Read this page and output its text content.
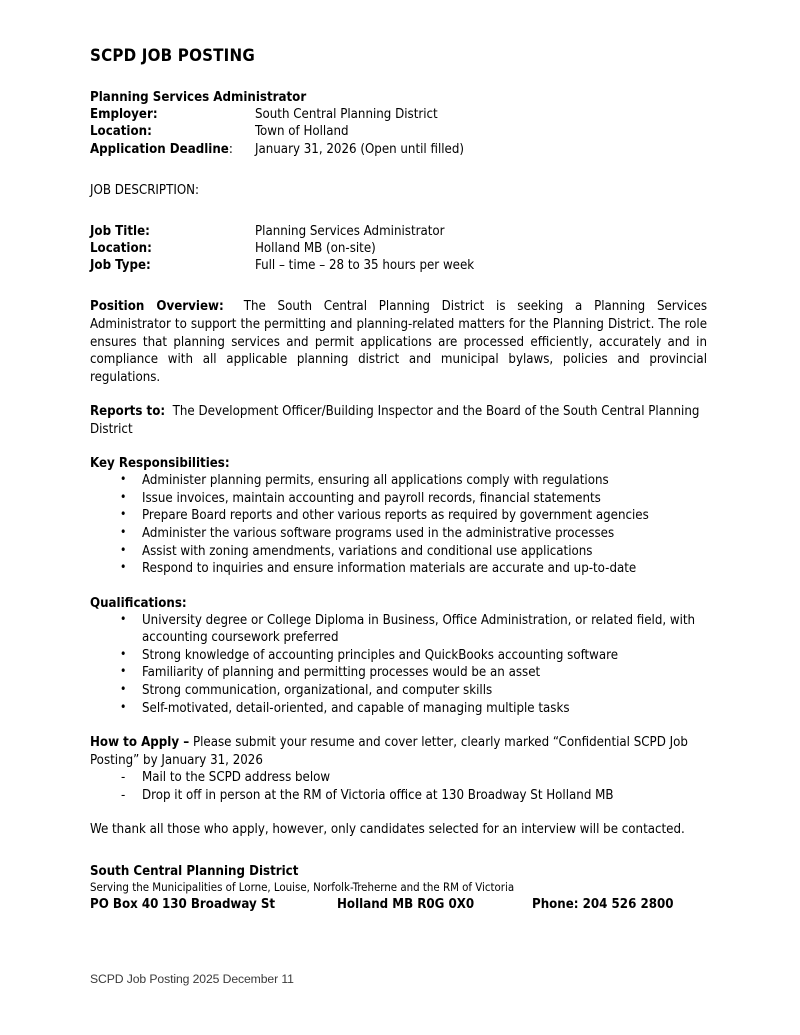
SCPD JOB POSTING
Planning Services Administrator
Employer:	South Central Planning District
Location:	Town of Holland
Application Deadline:	January 31, 2026 (Open until filled)
JOB DESCRIPTION:
Job Title:	Planning Services Administrator
Location:	Holland MB (on-site)
Job Type:	Full – time – 28 to 35 hours per week

Position Overview: The South Central Planning District is seeking a Planning Services Administrator to support the permitting and planning-related matters for the Planning District. The role ensures that planning services and permit applications are processed efficiently, accurately and in compliance with all applicable planning district and municipal bylaws, policies and provincial regulations.

Reports to: The Development Officer/Building Inspector and the Board of the South Central Planning District

Key Responsibilities:
• Administer planning permits, ensuring all applications comply with regulations
• Issue invoices, maintain accounting and payroll records, financial statements
• Prepare Board reports and other various reports as required by government agencies
• Administer the various software programs used in the administrative processes
• Assist with zoning amendments, variations and conditional use applications
• Respond to inquiries and ensure information materials are accurate and up-to-date
Qualifications:
• University degree or College Diploma in Business, Office Administration, or related field, with accounting coursework preferred
• Strong knowledge of accounting principles and QuickBooks accounting software
• Familiarity of planning and permitting processes would be an asset
• Strong communication, organizational, and computer skills
• Self-motivated, detail-oriented, and capable of managing multiple tasks

How to Apply – Please submit your resume and cover letter, clearly marked “Confidential SCPD Job Posting” by January 31, 2026

- Mail to the SCPD address below
- Drop it off in person at the RM of Victoria office at 130 Broadway St Holland MB

We thank all those who apply, however, only candidates selected for an interview will be contacted.

South Central Planning District
Serving the Municipalities of Lorne, Louise, Norfolk-Treherne and the RM of Victoria
PO Box 40 130 Broadway St	Holland MB R0G 0X0	Phone: 204 526 2800
SCPD Job Posting 2025 December 11
